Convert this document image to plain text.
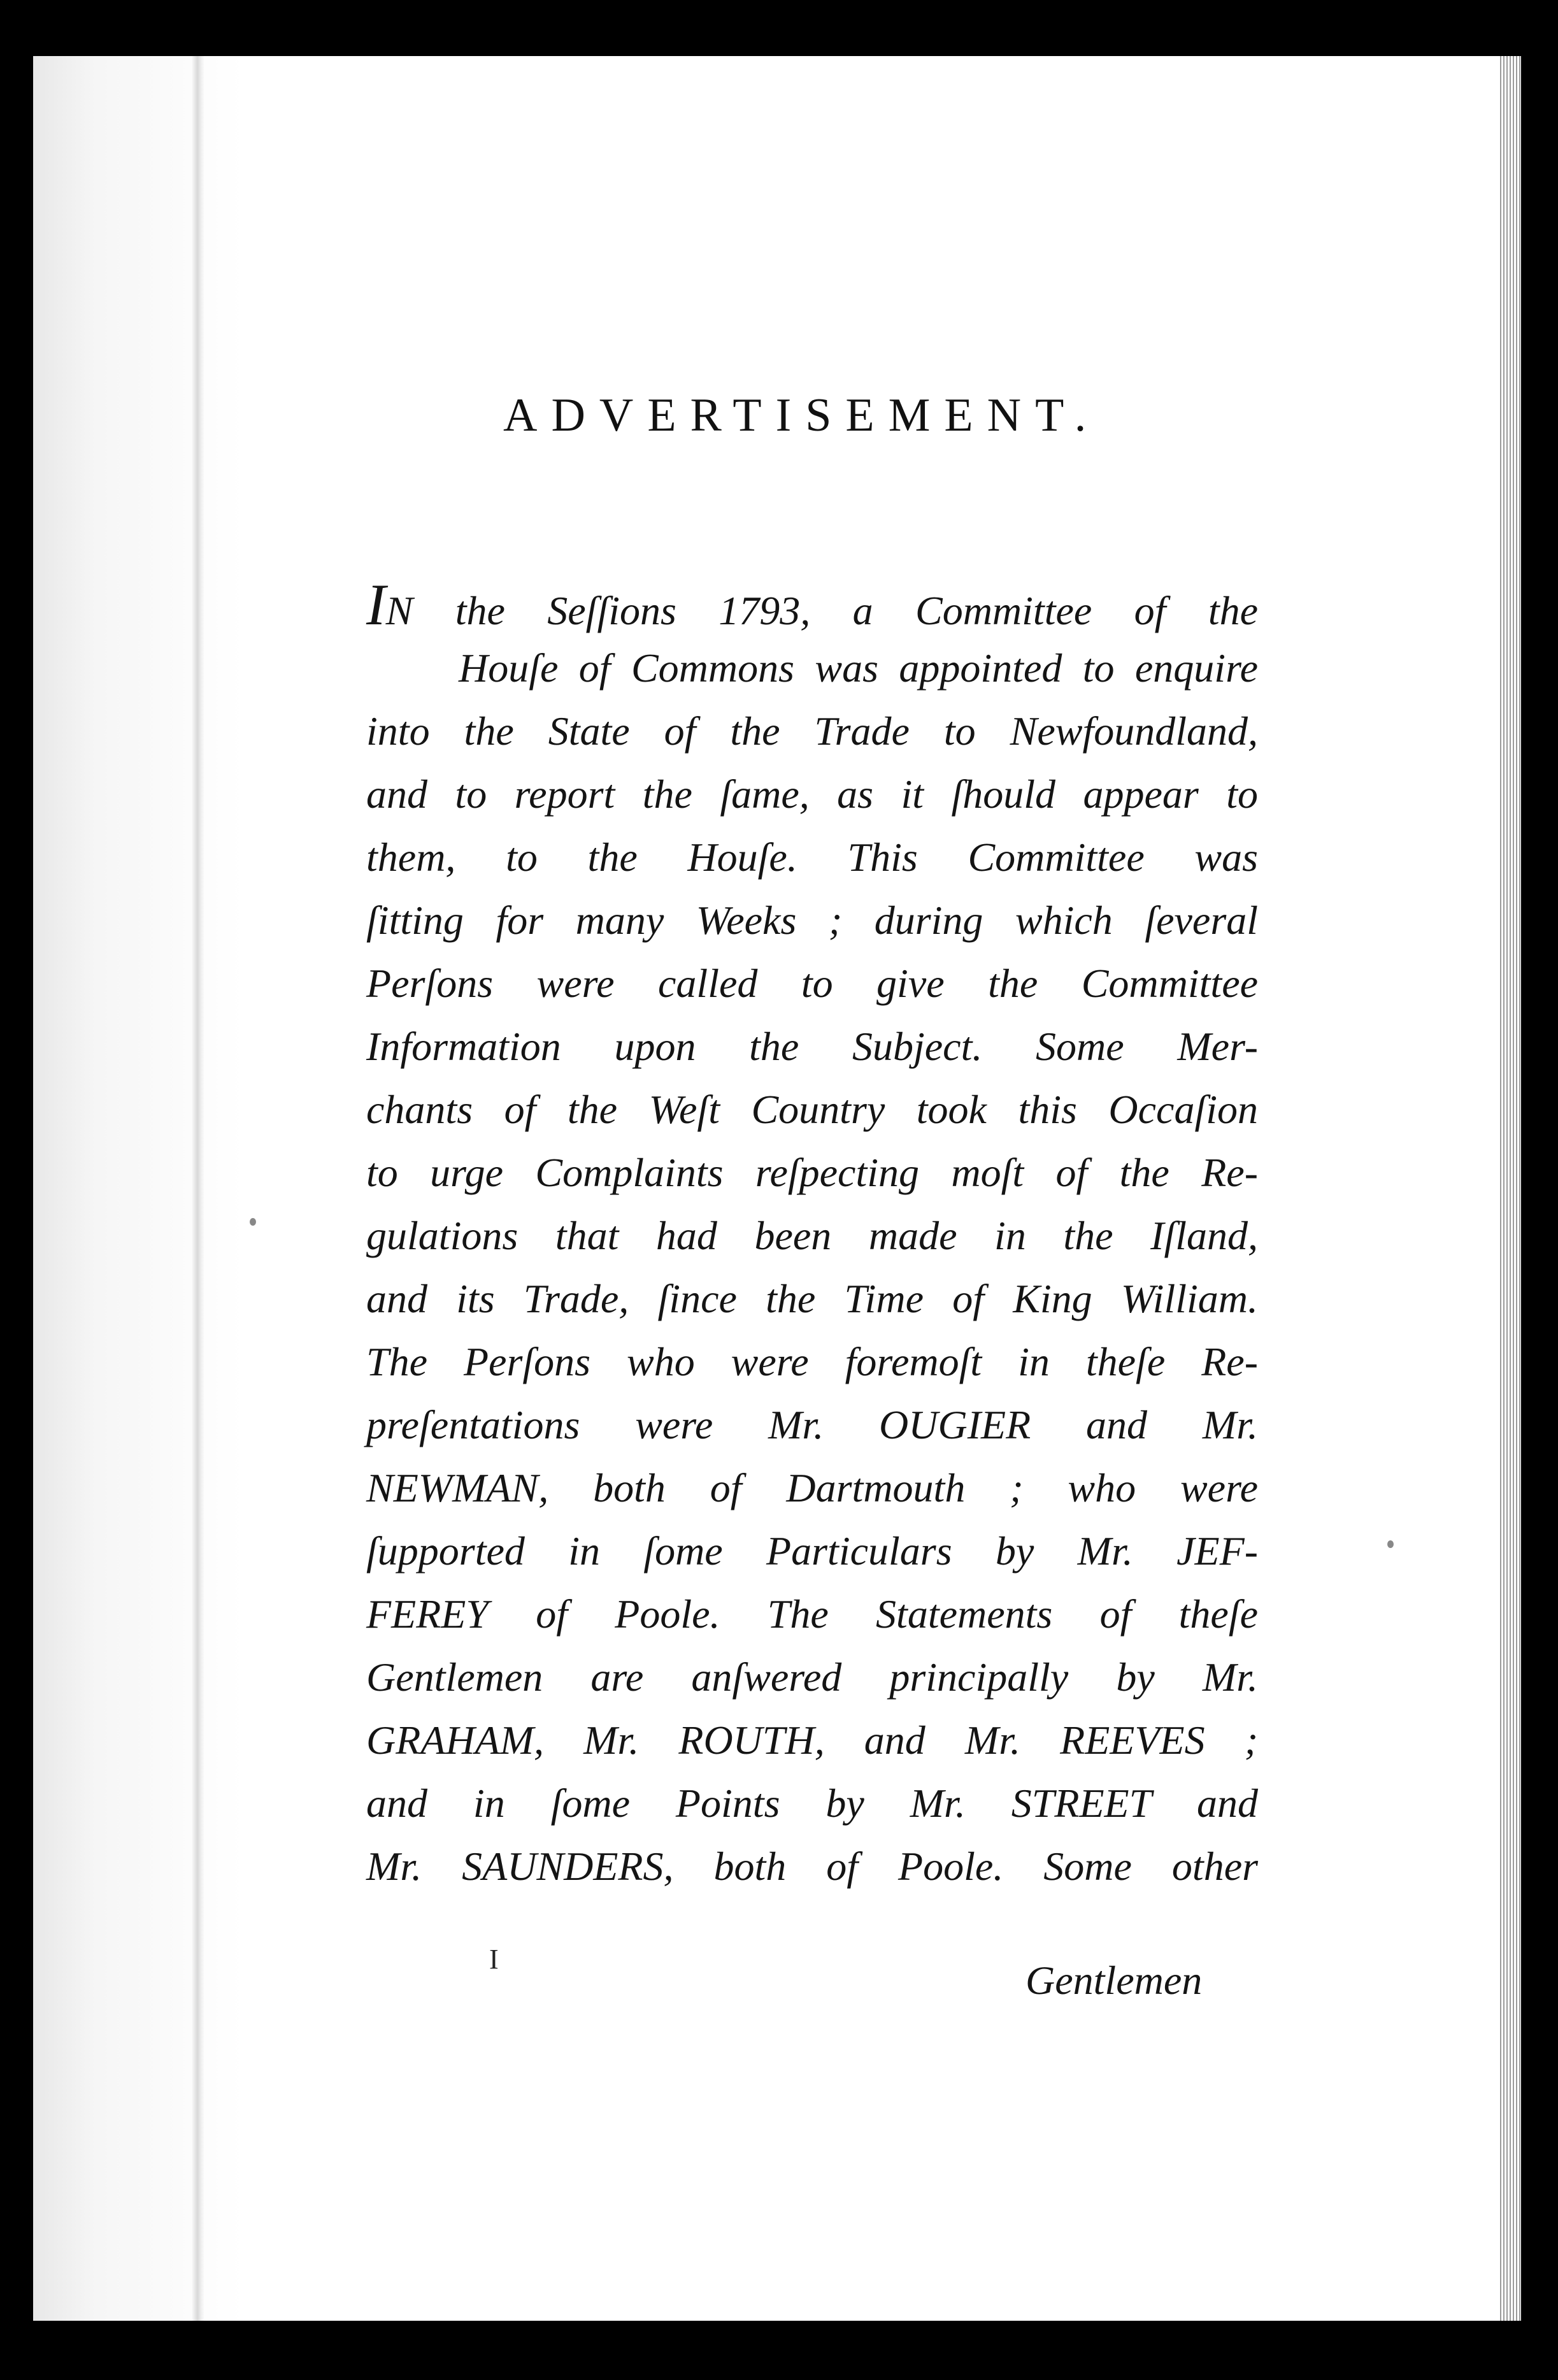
ADVERTISEMENT.
IN the Seſſions 1793, a Committee of the
Houſe of Commons was appointed to enquire
into the State of the Trade to Newfoundland,
and to report the ſame, as it ſhould appear to
them, to the Houſe. This Committee was
ſitting for many Weeks ; during which ſeveral
Perſons were called to give the Committee
Information upon the Subject. Some Mer-
chants of the Weſt Country took this Occaſion
to urge Complaints reſpecting moſt of the Re-
gulations that had been made in the Iſland,
and its Trade, ſince the Time of King William.
The Perſons who were foremoſt in theſe Re-
preſentations were Mr. OUGIER and Mr.
NEWMAN, both of Dartmouth ; who were
ſupported in ſome Particulars by Mr. JEF-
FEREY of Poole. The Statements of theſe
Gentlemen are anſwered principally by Mr.
GRAHAM, Mr. ROUTH, and Mr. REEVES ;
and in ſome Points by Mr. STREET and
Mr. SAUNDERS, both of Poole. Some other
I	Gentlemen
